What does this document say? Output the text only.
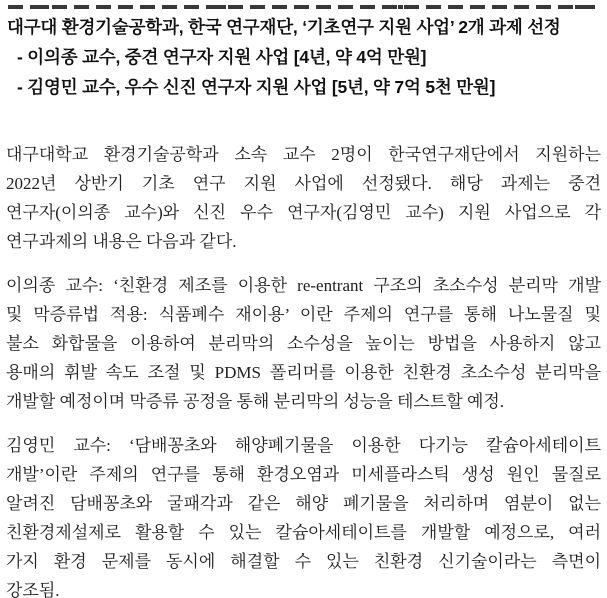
대구대 환경기술공학과, 한국 연구재단, ‘기초연구 지원 사업’ 2개 과제 선정
- 이의종 교수, 중견 연구자 지원 사업 [4년, 약 4억 만원]
- 김영민 교수, 우수 신진 연구자 지원 사업 [5년, 약 7억 5천 만원]
대구대학교 환경기술공학과 소속 교수 2명이 한국연구재단에서 지원하는
2022년 상반기 기초 연구 지원 사업에 선정됐다. 해당 과제는 중견
연구자(이의종 교수)와 신진 우수 연구자(김영민 교수) 지원 사업으로 각
연구과제의 내용은 다음과 같다.
이의종 교수: ‘친환경 제조를 이용한 re-entrant 구조의 초소수성 분리막 개발
및 막증류법 적용: 식품폐수 재이용’ 이란 주제의 연구를 통해 나노물질 및
불소 화합물을 이용하여 분리막의 소수성을 높이는 방법을 사용하지 않고
용매의 휘발 속도 조절 및 PDMS 폴리머를 이용한 친환경 초소수성 분리막을
개발할 예정이며 막증류 공정을 통해 분리막의 성능을 테스트할 예정.
김영민 교수: ‘담배꽁초와 해양폐기물을 이용한 다기능 칼슘아세테이트
개발’이란 주제의 연구를 통해 환경오염과 미세플라스틱 생성 원인 물질로
알려진 담배꽁초와 굴패각과 같은 해양 폐기물을 처리하며 염분이 없는
친환경제설제로 활용할 수 있는 칼슘아세테이트를 개발할 예정으로, 여러
가지 환경 문제를 동시에 해결할 수 있는 친환경 신기술이라는 측면이
강조됨.
